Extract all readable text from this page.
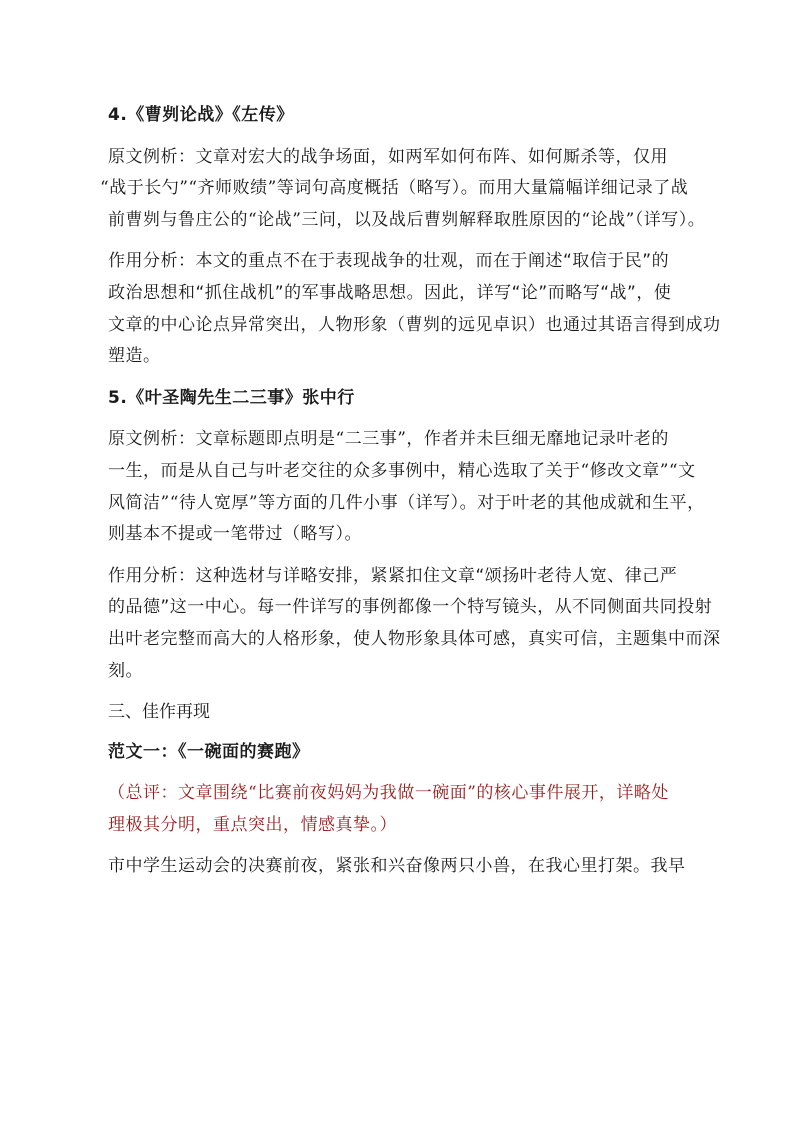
4.《曹刿论战》《左传》
原文例析：文章对宏大的战争场面，如两军如何布阵、如何厮杀等，仅用
“战于长勺”“齐师败绩”等词句高度概括（略写）。而用大量篇幅详细记录了战
前曹刿与鲁庄公的“论战”三问，以及战后曹刿解释取胜原因的“论战”（详写）。
作用分析：本文的重点不在于表现战争的壮观，而在于阐述“取信于民”的
政治思想和“抓住战机”的军事战略思想。因此，详写“论”而略写“战”，使
文章的中心论点异常突出，人物形象（曹刿的远见卓识）也通过其语言得到成功
塑造。
5.《叶圣陶先生二三事》张中行
原文例析：文章标题即点明是“二三事”，作者并未巨细无靡地记录叶老的
一生，而是从自己与叶老交往的众多事例中，精心选取了关于“修改文章”“文
风简洁”“待人宽厚”等方面的几件小事（详写）。对于叶老的其他成就和生平，
则基本不提或一笔带过（略写）。
作用分析：这种选材与详略安排，紧紧扣住文章“颂扬叶老待人宽、律己严
的品德”这一中心。每一件详写的事例都像一个特写镜头，从不同侧面共同投射
出叶老完整而高大的人格形象，使人物形象具体可感，真实可信，主题集中而深
刻。
三、佳作再现
范文一：《一碗面的赛跑》
（总评：文章围绕“比赛前夜妈妈为我做一碗面”的核心事件展开，详略处
理极其分明，重点突出，情感真挚。）
市中学生运动会的决赛前夜，紧张和兴奋像两只小兽，在我心里打架。我早
